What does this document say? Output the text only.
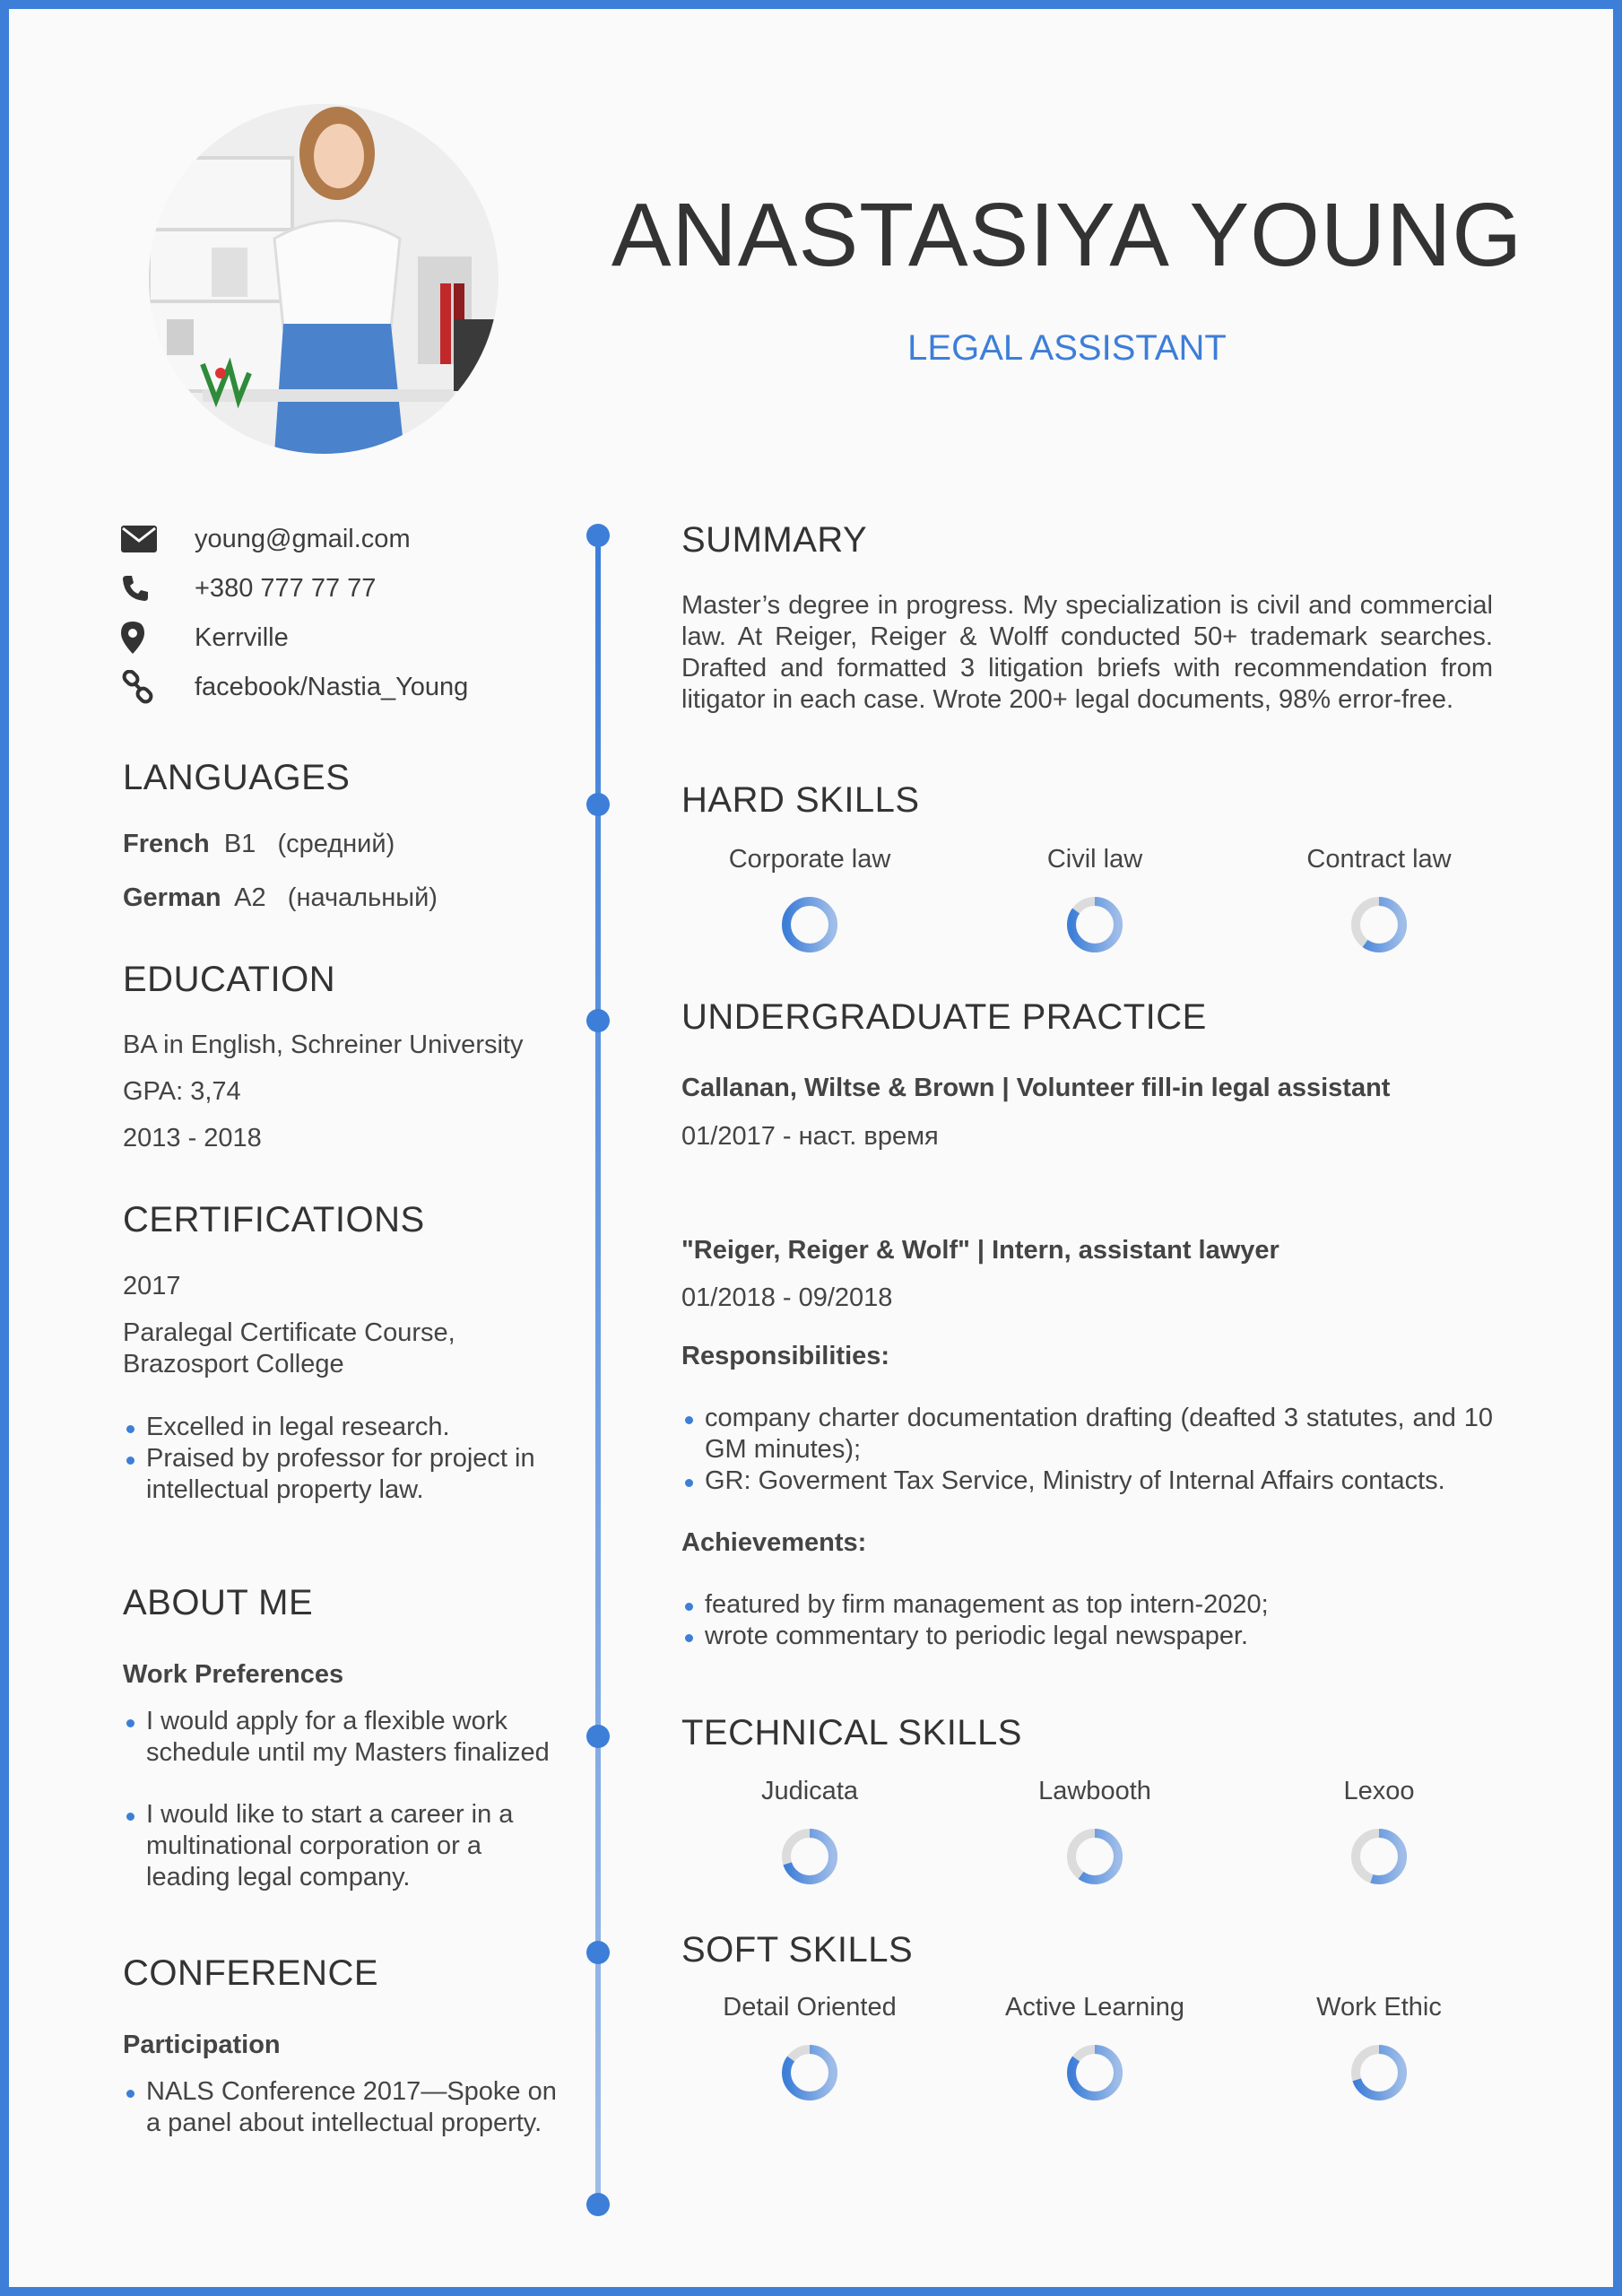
ANASTASIYA YOUNG
LEGAL ASSISTANT
young@gmail.com
+380 777 77 77
Kerrville
facebook/Nastia_Young
LANGUAGES
French B1 (средний)
German A2 (начальный)
EDUCATION
BA in English, Schreiner University
GPA: 3,74
2013 - 2018
CERTIFICATIONS
2017
Paralegal Certificate Course,
Brazosport College
Excelled in legal research.
Praised by professor for project in intellectual property law.
ABOUT ME
Work Preferences
I would apply for a flexible work schedule until my Masters finalized
I would like to start a career in a multinational corporation or a leading legal company.
CONFERENCE
Participation
NALS Conference 2017—Spoke on a panel about intellectual property.
SUMMARY
Master’s degree in progress. My specialization is civil and commercial law. At Reiger, Reiger & Wolff conducted 50+ trademark searches. Drafted and formatted 3 litigation briefs with recommendation from litigator in each case. Wrote 200+ legal documents, 98% error-free.
HARD SKILLS
Corporate law	Civil law	Contract law
UNDERGRADUATE PRACTICE
Callanan, Wiltse & Brown | Volunteer fill-in legal assistant
01/2017 - наст. время
"Reiger, Reiger & Wolf" | Intern, assistant lawyer
01/2018 - 09/2018
Responsibilities:
company charter documentation drafting (deafted 3 statutes, and 10 GM minutes);
GR: Goverment Tax Service, Ministry of Internal Affairs contacts.
Achievements:
featured by firm management as top intern-2020;
wrote commentary to periodic legal newspaper.
TECHNICAL SKILLS
Judicata	Lawbooth	Lexoo
SOFT SKILLS
Detail Oriented	Active Learning	Work Ethic
